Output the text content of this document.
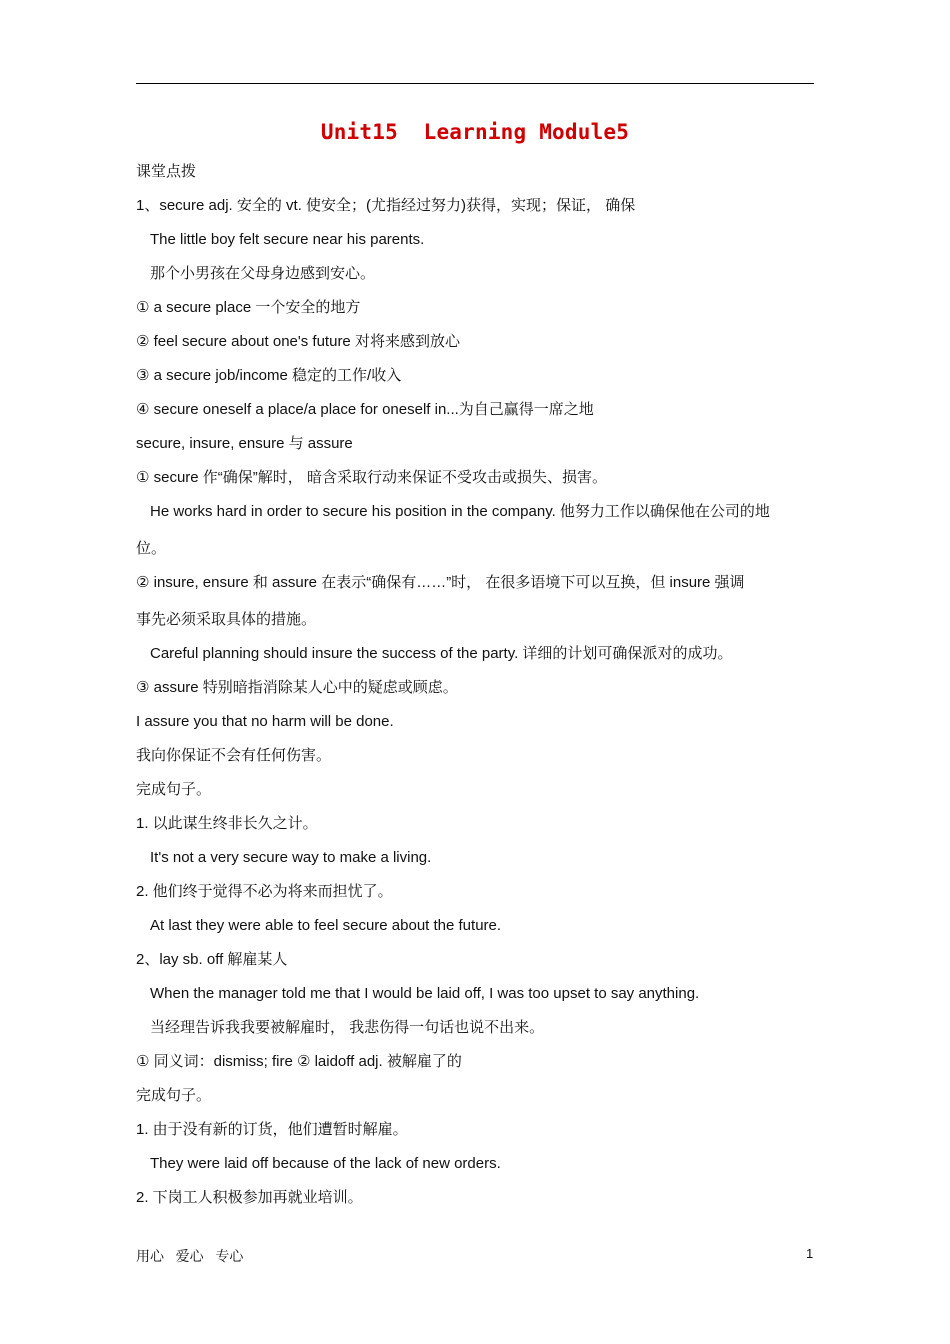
Unit15  Learning Module5
课堂点拨
1、secure adj. 安全的 vt. 使安全；(尤指经过努力)获得，实现；保证， 确保
The little boy felt secure near his parents.
那个小男孩在父母身边感到安心。
① a secure place 一个安全的地方
② feel secure about one's future 对将来感到放心
③ a secure job/income 稳定的工作/收入
④ secure oneself a place/a place for oneself in...为自己赢得一席之地
secure, insure, ensure 与 assure
① secure 作“确保”解时， 暗含采取行动来保证不受攻击或损失、损害。
He works hard in order to secure his position in the company. 他努力工作以确保他在公司的地
位。
② insure, ensure 和 assure 在表示“确保有……”时， 在很多语境下可以互换，但 insure 强调
事先必须采取具体的措施。
Careful planning should insure the success of the party. 详细的计划可确保派对的成功。
③ assure 特别暗指消除某人心中的疑虑或顾虑。
I assure you that no harm will be done.
我向你保证不会有任何伤害。
完成句子。
1. 以此谋生终非长久之计。
It's not a very secure way to make a living.
2. 他们终于觉得不必为将来而担忧了。
At last they were able to feel secure about the future.
2、lay sb. off 解雇某人
When the manager told me that I would be laid off, I was too upset to say anything.
当经理告诉我我要被解雇时， 我悲伤得一句话也说不出来。
① 同义词：dismiss; fire ② laidoff adj. 被解雇了的
完成句子。
1. 由于没有新的订货，他们遭暂时解雇。
They were laid off because of the lack of new orders.
2. 下岗工人积极参加再就业培训。
用心   爱心   专心	1
